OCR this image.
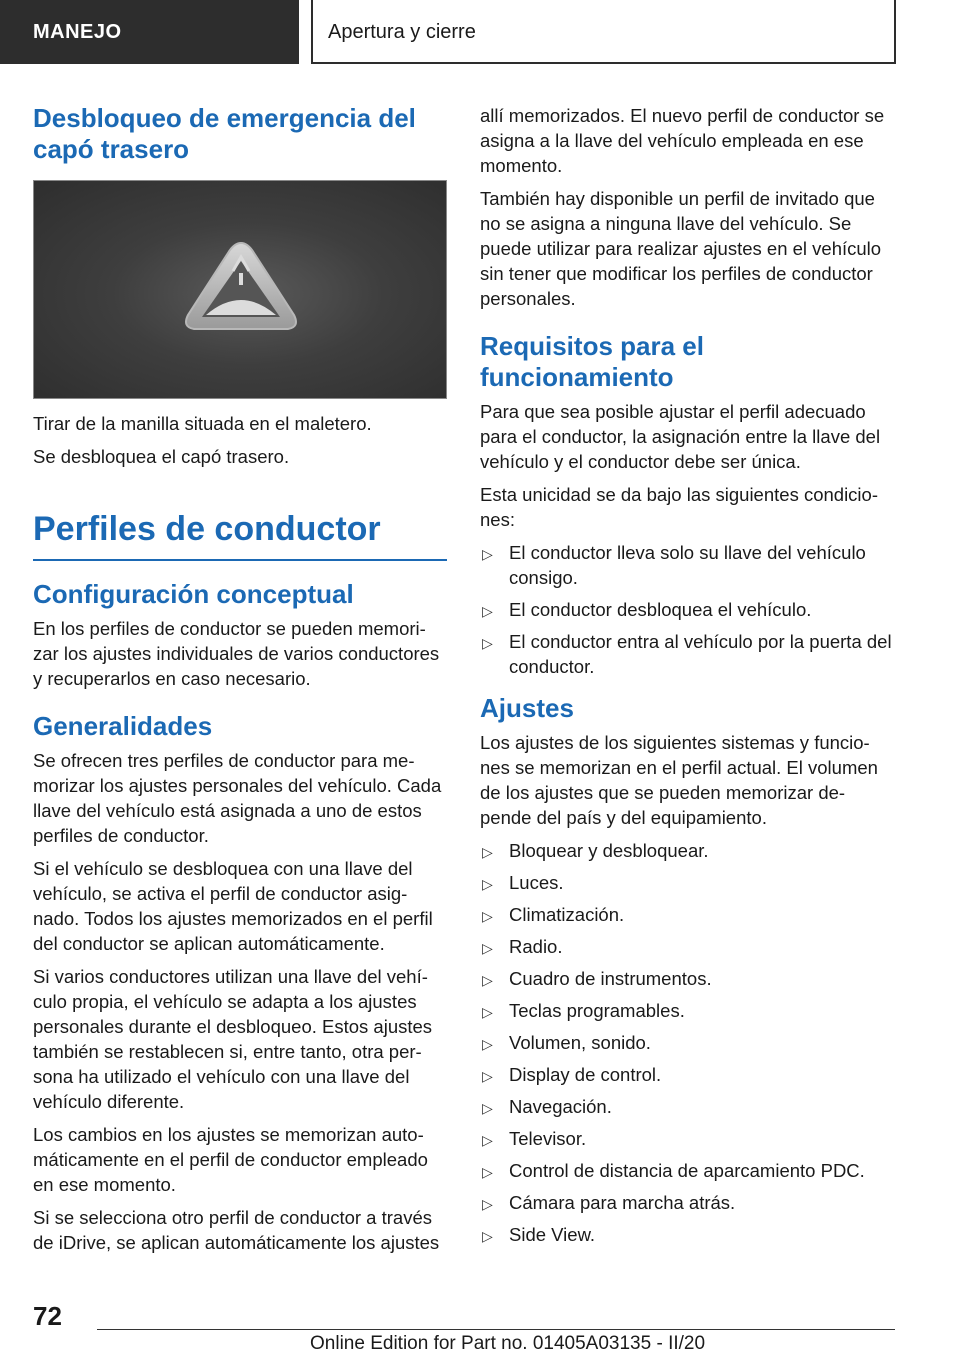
MANEJO	Apertura y cierre
Desbloqueo de emergencia del capó trasero

Tirar de la manilla situada en el maletero.

Se desbloquea el capó trasero.

Perfiles de conductor
Configuración conceptual

En los perfiles de conductor se pueden memori‐zar los ajustes individuales de varios conductores y recuperarlos en caso necesario.

Generalidades

Se ofrecen tres perfiles de conductor para me‐morizar los ajustes personales del vehículo. Cada llave del vehículo está asignada a uno de estos perfiles de conductor.

Si el vehículo se desbloquea con una llave del vehículo, se activa el perfil de conductor asig‐nado. Todos los ajustes memorizados en el perfil del conductor se aplican automáticamente.

Si varios conductores utilizan una llave del vehí‐culo propia, el vehículo se adapta a los ajustes personales durante el desbloqueo. Estos ajustes también se restablecen si, entre tanto, otra per‐sona ha utilizado el vehículo con una llave del vehículo diferente.

Los cambios en los ajustes se memorizan auto‐máticamente en el perfil de conductor empleado en ese momento.

Si se selecciona otro perfil de conductor a través de iDrive, se aplican automáticamente los ajustes

allí memorizados. El nuevo perfil de conductor se asigna a la llave del vehículo empleada en ese momento.

También hay disponible un perfil de invitado que no se asigna a ninguna llave del vehículo. Se puede utilizar para realizar ajustes en el vehículo sin tener que modificar los perfiles de conductor personales.

Requisitos para el funcionamiento

Para que sea posible ajustar el perfil adecuado para el conductor, la asignación entre la llave del vehículo y el conductor debe ser única.

Esta unicidad se da bajo las siguientes condicio‐nes:

▷ El conductor lleva solo su llave del vehículo consigo.
▷ El conductor desbloquea el vehículo.
▷ El conductor entra al vehículo por la puerta del conductor.
Ajustes

Los ajustes de los siguientes sistemas y funcio‐nes se memorizan en el perfil actual. El volumen de los ajustes que se pueden memorizar de‐pende del país y del equipamiento.

▷ Bloquear y desbloquear.
▷ Luces.
▷ Climatización.
▷ Radio.
▷ Cuadro de instrumentos.
▷ Teclas programables.
▷ Volumen, sonido.
▷ Display de control.
▷ Navegación.
▷ Televisor.
▷ Control de distancia de aparcamiento PDC.
▷ Cámara para marcha atrás.
▷ Side View.
72
Online Edition for Part no. 01405A03135 - II/20
